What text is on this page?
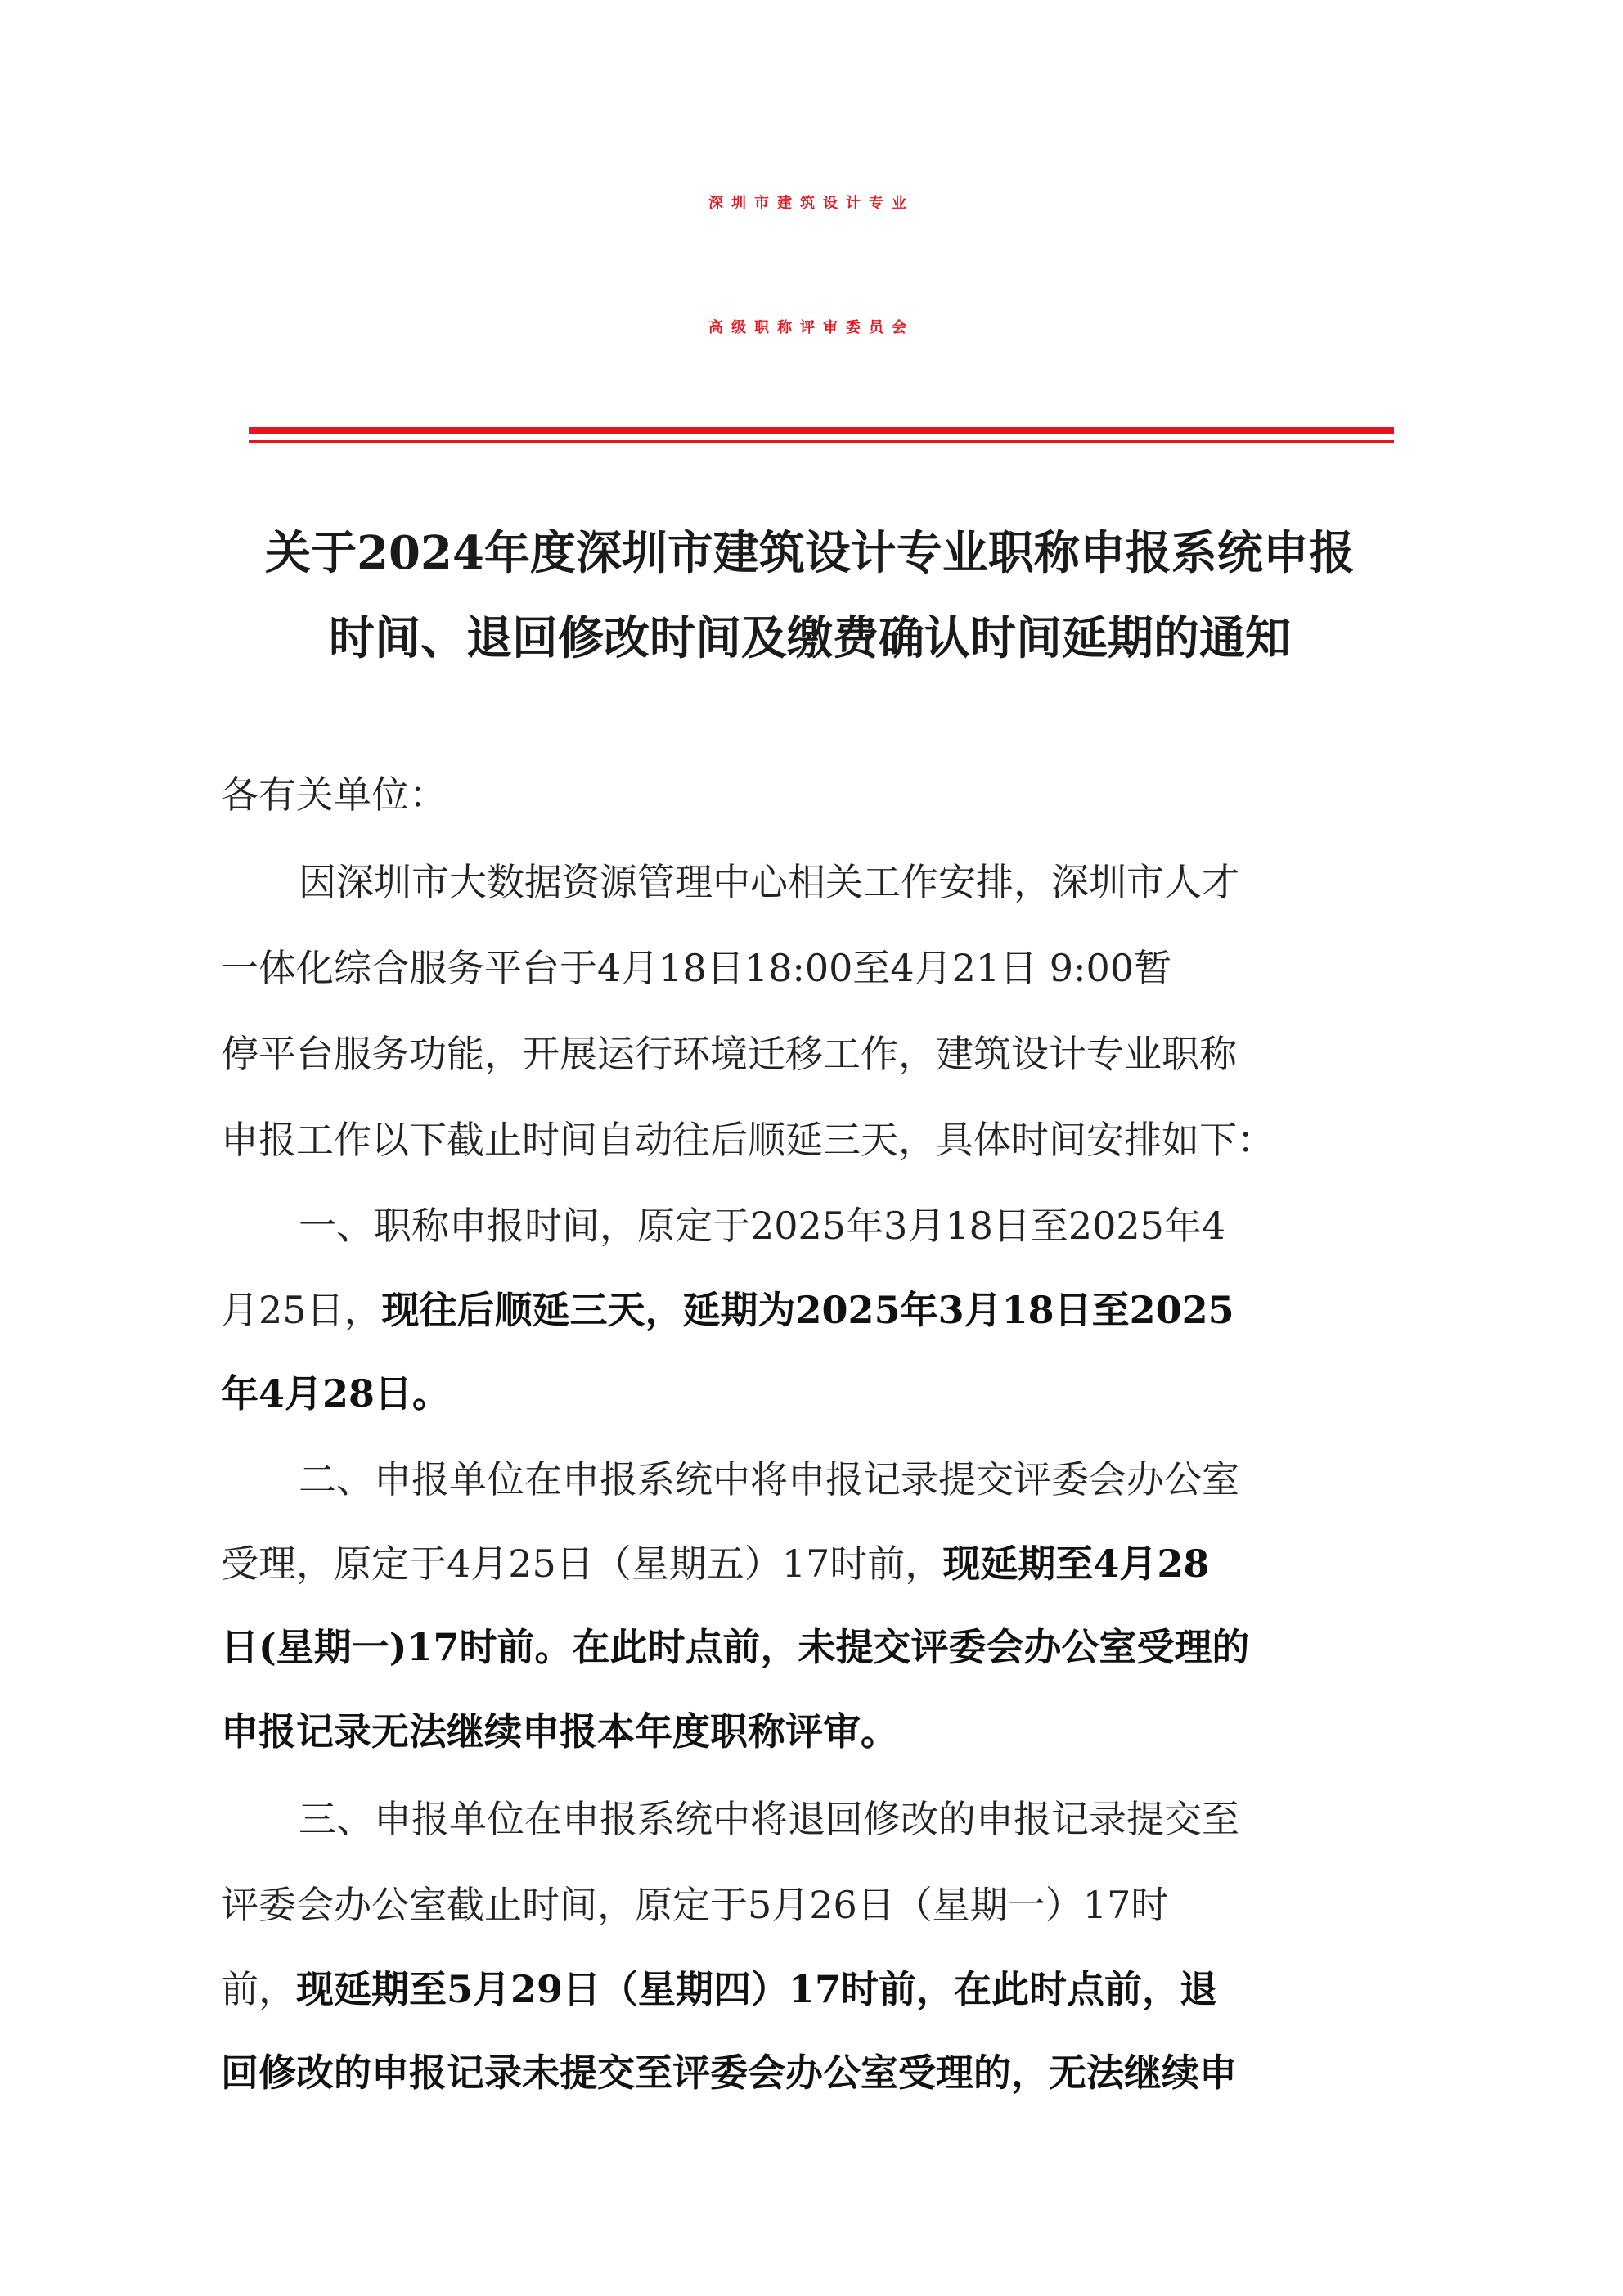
深圳市建筑设计专业
高级职称评审委员会
关于2024年度深圳市建筑设计专业职称申报系统申报
时间、退回修改时间及缴费确认时间延期的通知
各有关单位：
因深圳市大数据资源管理中心相关工作安排，深圳市人才
一体化综合服务平台于4月18日18:00至4月21日 9:00暂
停平台服务功能，开展运行环境迁移工作，建筑设计专业职称
申报工作以下截止时间自动往后顺延三天，具体时间安排如下：
一、职称申报时间，原定于2025年3月18日至2025年4
月25日，现往后顺延三天，延期为2025年3月18日至2025
年4月28日。
二、申报单位在申报系统中将申报记录提交评委会办公室
受理，原定于4月25日（星期五）17时前，现延期至4月28
日(星期一)17时前。在此时点前，未提交评委会办公室受理的
申报记录无法继续申报本年度职称评审。
三、申报单位在申报系统中将退回修改的申报记录提交至
评委会办公室截止时间，原定于5月26日（星期一）17时
前，现延期至5月29日（星期四）17时前，在此时点前，退
回修改的申报记录未提交至评委会办公室受理的，无法继续申
